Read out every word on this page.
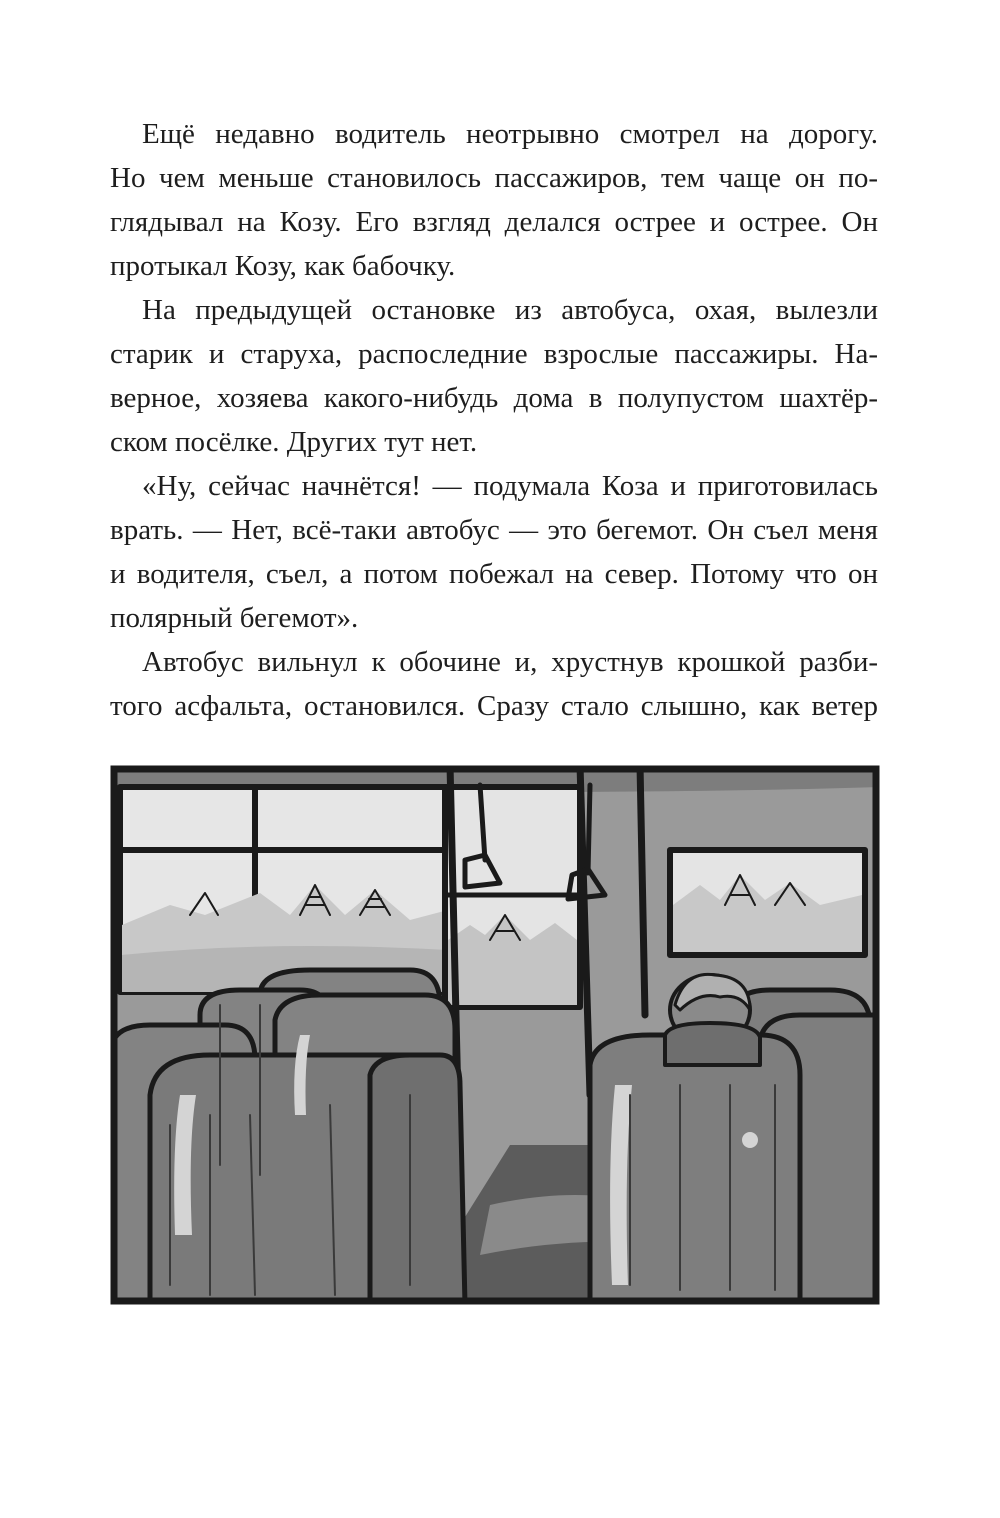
Ещё недавно водитель неотрывно смотрел на дорогу.
Но чем меньше становилось пассажиров, тем чаще он по-
глядывал на Козу. Его взгляд делался острее и острее. Он
протыкал Козу, как бабочку.
На предыдущей остановке из автобуса, охая, вылезли
старик и старуха, распоследние взрослые пассажиры. На-
верное, хозяева какого-нибудь дома в полупустом шахтёр-
ском посёлке. Других тут нет.
«Ну, сейчас начнётся! — подумала Коза и приготовилась
врать. — Нет, всё-таки автобус — это бегемот. Он съел меня
и водителя, съел, а потом побежал на север. Потому что он
полярный бегемот».
Автобус вильнул к обочине и, хрустнув крошкой разби-
того асфальта, остановился. Сразу стало слышно, как ветер
